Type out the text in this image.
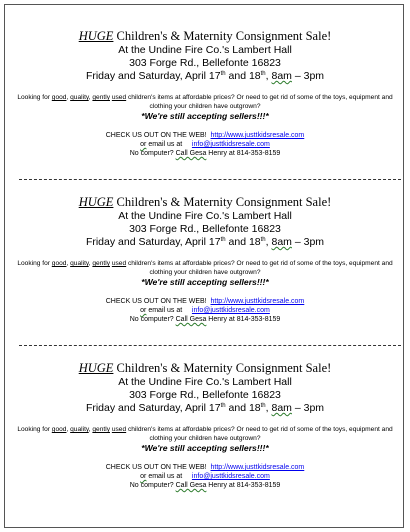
HUGE Children's & Maternity Consignment Sale!
At the Undine Fire Co.'s Lambert Hall
303 Forge Rd., Bellefonte 16823
Friday and Saturday, April 17th and 18th, 8am – 3pm
Looking for good, quality, gently used children's items at affordable prices? Or need to get rid of some of the toys, equipment and clothing your children have outgrown?
*We're still accepting sellers!!!*
CHECK US OUT ON THE WEB! http://www.justtkidsresale.com
or email us at info@justtkidsresale.com
No computer? Call Gesa Henry at 814-353-8159
HUGE Children's & Maternity Consignment Sale!
At the Undine Fire Co.'s Lambert Hall
303 Forge Rd., Bellefonte 16823
Friday and Saturday, April 17th and 18th, 8am – 3pm
Looking for good, quality, gently used children's items at affordable prices? Or need to get rid of some of the toys, equipment and clothing your children have outgrown?
*We're still accepting sellers!!!*
CHECK US OUT ON THE WEB! http://www.justtkidsresale.com
or email us at info@justtkidsresale.com
No computer? Call Gesa Henry at 814-353-8159
HUGE Children's & Maternity Consignment Sale!
At the Undine Fire Co.'s Lambert Hall
303 Forge Rd., Bellefonte 16823
Friday and Saturday, April 17th and 18th, 8am – 3pm
Looking for good, quality, gently used children's items at affordable prices? Or need to get rid of some of the toys, equipment and clothing your children have outgrown?
*We're still accepting sellers!!!*
CHECK US OUT ON THE WEB! http://www.justtkidsresale.com
or email us at info@justtkidsresale.com
No computer? Call Gesa Henry at 814-353-8159
